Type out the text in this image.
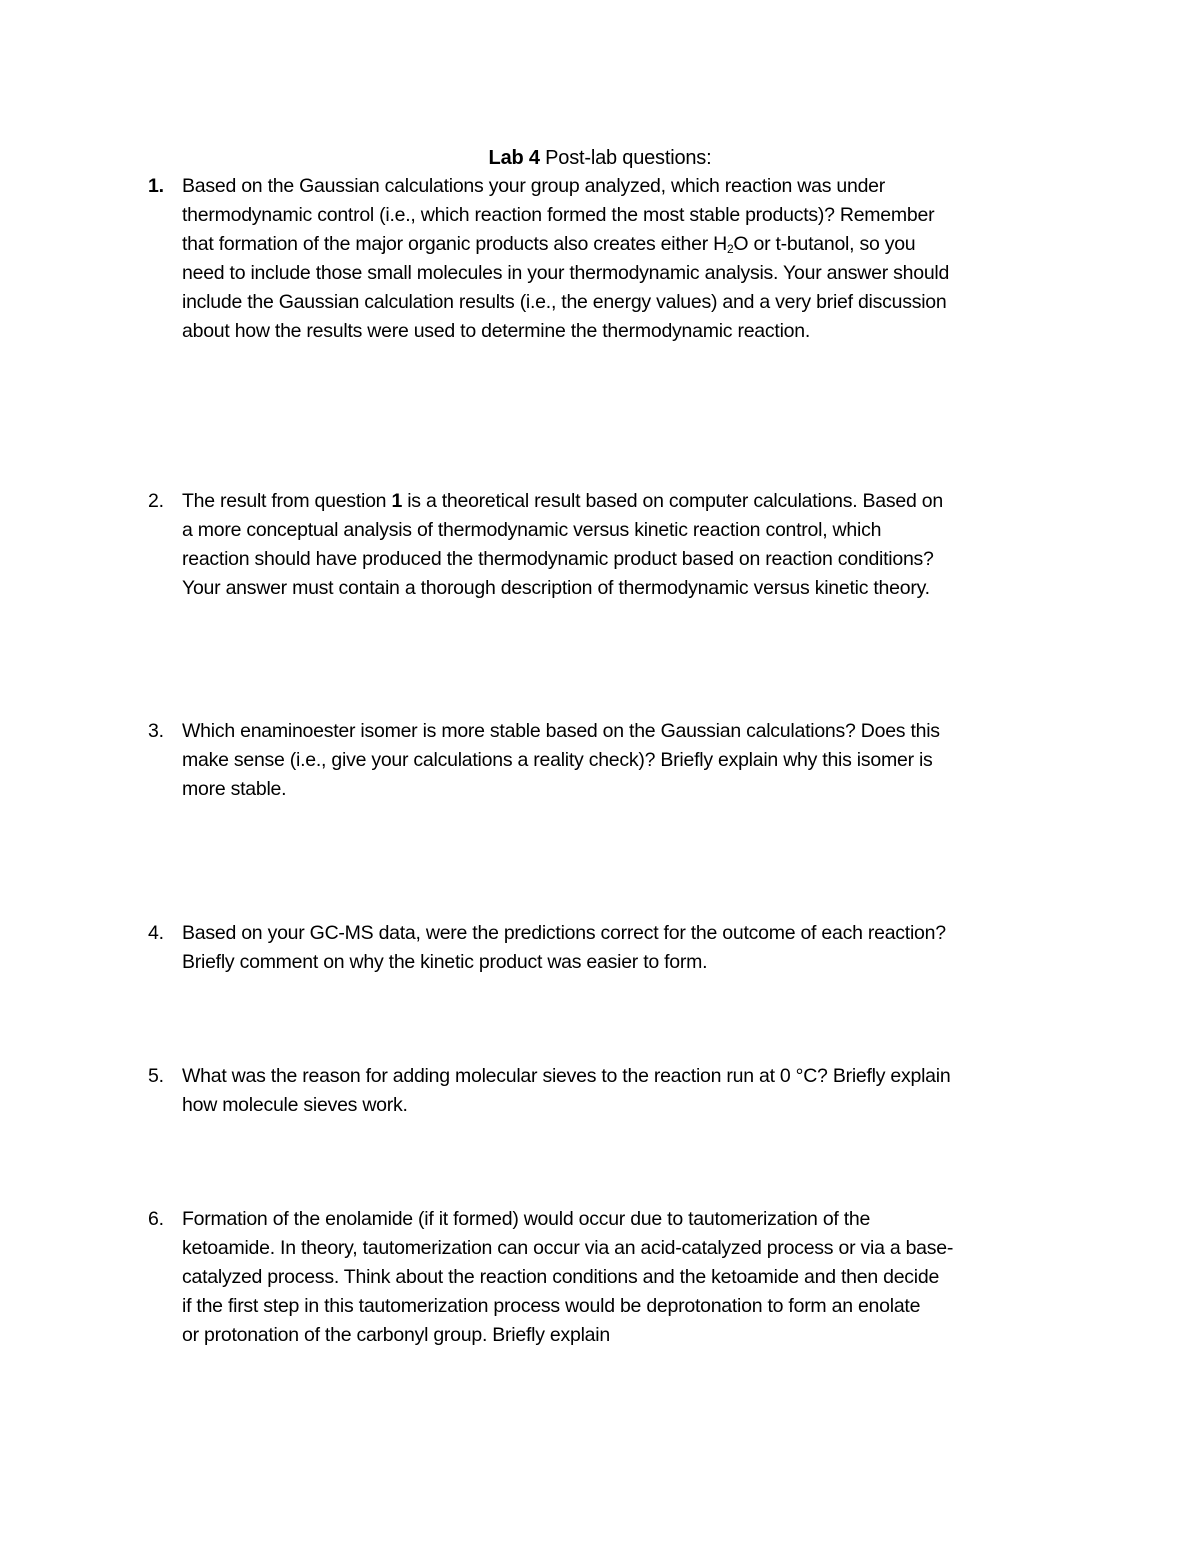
Lab 4 Post-lab questions:

1. Based on the Gaussian calculations your group analyzed, which reaction was under

thermodynamic control (i.e., which reaction formed the most stable products)? Remember

that formation of the major organic products also creates either $H_2O$ or t-butanol, so you

need to include those small molecules in your thermodynamic analysis. Your answer should

include the Gaussian calculation results (i.e., the energy values) and a very brief discussion

about how the results were used to determine the thermodynamic reaction.

2. The result from question 1 is a theoretical result based on computer calculations. Based on

a more conceptual analysis of thermodynamic versus kinetic reaction control, which

reaction should have produced the thermodynamic product based on reaction conditions?

Your answer must contain a thorough description of thermodynamic versus kinetic theory.

3. Which enaminoester isomer is more stable based on the Gaussian calculations? Does this

make sense (i.e., give your calculations a reality check)? Briefly explain why this isomer is

more stable.

4. Based on your GC-MS data, were the predictions correct for the outcome of each reaction?

Briefly comment on why the kinetic product was easier to form.

5. What was the reason for adding molecular sieves to the reaction run at 0 °C? Briefly explain

how molecule sieves work.

6. Formation of the enolamide (if it formed) would occur due to tautomerization of the

ketoamide. In theory, tautomerization can occur via an acid-catalyzed process or via a base-

catalyzed process. Think about the reaction conditions and the ketoamide and then decide

if the first step in this tautomerization process would be deprotonation to form an enolate

or protonation of the carbonyl group. Briefly explain
